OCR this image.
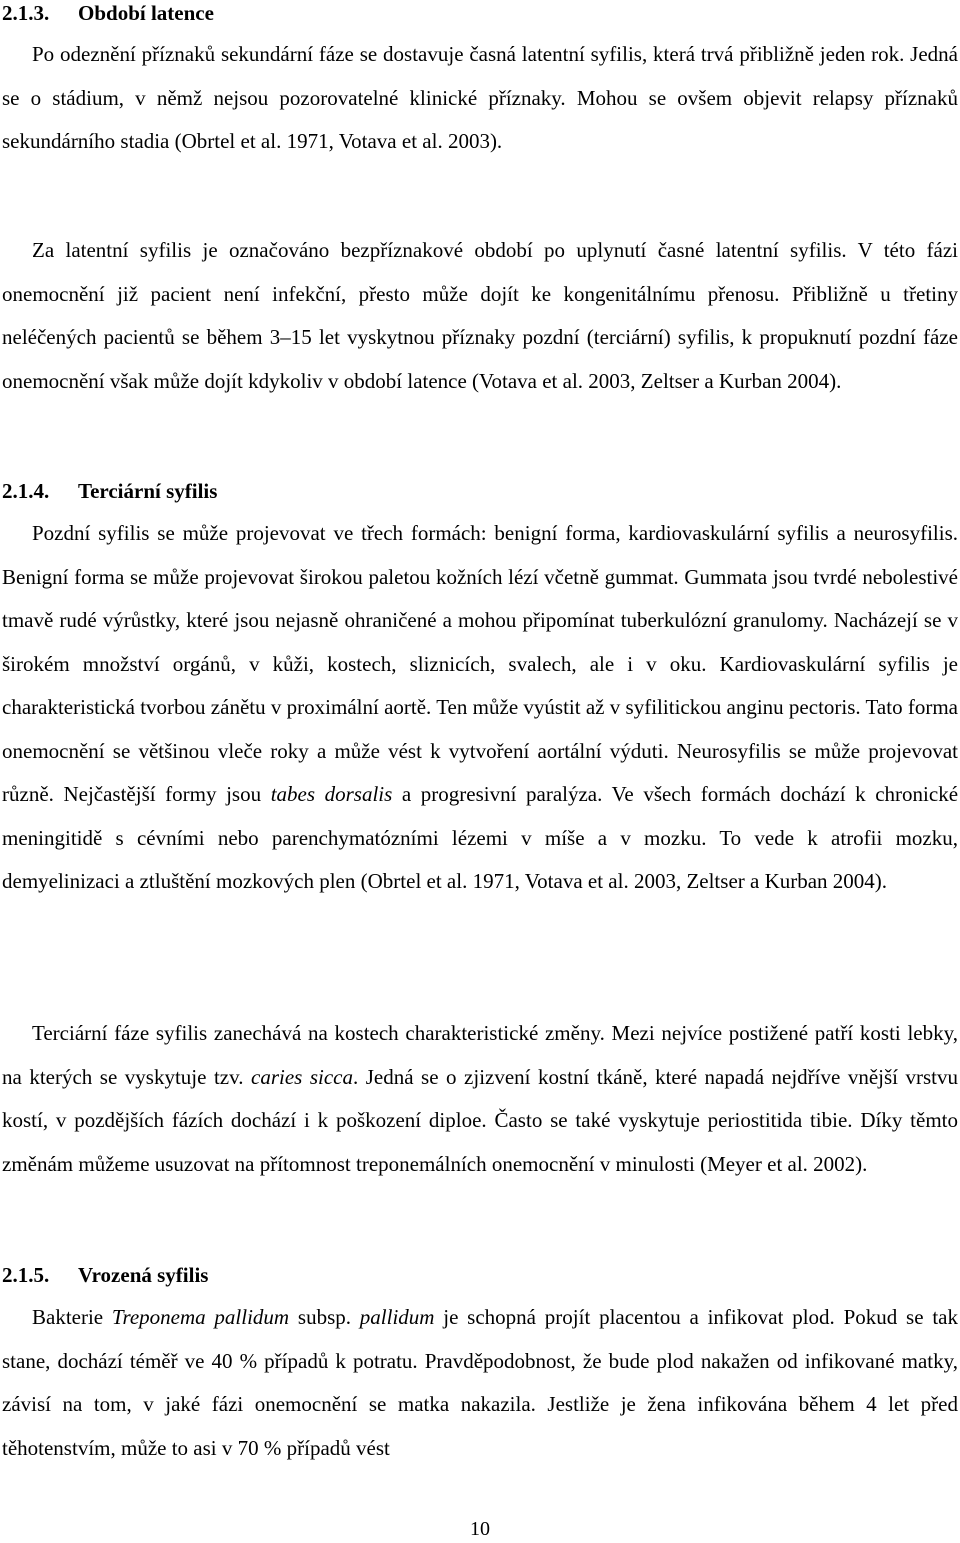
2.1.3. Období latence

Po odeznění příznaků sekundární fáze se dostavuje časná latentní syfilis, která trvá přibližně jeden rok. Jedná se o stádium, v němž nejsou pozorovatelné klinické příznaky. Mohou se ovšem objevit relapsy příznaků sekundárního stadia (Obrtel et al. 1971, Votava et al. 2003).

Za latentní syfilis je označováno bezpříznakové období po uplynutí časné latentní syfilis. V této fázi onemocnění již pacient není infekční, přesto může dojít ke kongenitálnímu přenosu. Přibližně u třetiny neléčených pacientů se během 3–15 let vyskytnou příznaky pozdní (terciární) syfilis, k propuknutí pozdní fáze onemocnění však může dojít kdykoliv v období latence (Votava et al. 2003, Zeltser a Kurban 2004).

2.1.4. Terciární syfilis

Pozdní syfilis se může projevovat ve třech formách: benigní forma, kardiovaskulární syfilis a neurosyfilis. Benigní forma se může projevovat širokou paletou kožních lézí včetně gummat. Gummata jsou tvrdé nebolestivé tmavě rudé výrůstky, které jsou nejasně ohraničené a mohou připomínat tuberkulózní granulomy. Nacházejí se v širokém množství orgánů, v kůži, kostech, sliznicích, svalech, ale i v oku. Kardiovaskulární syfilis je charakteristická tvorbou zánětu v proximální aortě. Ten může vyústit až v syfilitickou anginu pectoris. Tato forma onemocnění se většinou vleče roky a může vést k vytvoření aortální výduti. Neurosyfilis se může projevovat různě. Nejčastější formy jsou tabes dorsalis a progresivní paralýza. Ve všech formách dochází k chronické meningitidě s cévními nebo parenchymatózními lézemi v míše a v mozku. To vede k atrofii mozku, demyelinizaci a ztluštění mozkových plen (Obrtel et al. 1971, Votava et al. 2003, Zeltser a Kurban 2004).

Terciární fáze syfilis zanechává na kostech charakteristické změny. Mezi nejvíce postižené patří kosti lebky, na kterých se vyskytuje tzv. caries sicca. Jedná se o zjizvení kostní tkáně, které napadá nejdříve vnější vrstvu kostí, v pozdějších fázích dochází i k poškození diploe. Často se také vyskytuje periostitida tibie. Díky těmto změnám můžeme usuzovat na přítomnost treponemálních onemocnění v minulosti (Meyer et al. 2002).

2.1.5. Vrozená syfilis

Bakterie Treponema pallidum subsp. pallidum je schopná projít placentou a infikovat plod. Pokud se tak stane, dochází téměř ve 40 % případů k potratu. Pravděpodobnost, že bude plod nakažen od infikované matky, závisí na tom, v jaké fázi onemocnění se matka nakazila. Jestliže je žena infikována během 4 let před těhotenstvím, může to asi v 70 % případů vést

10
